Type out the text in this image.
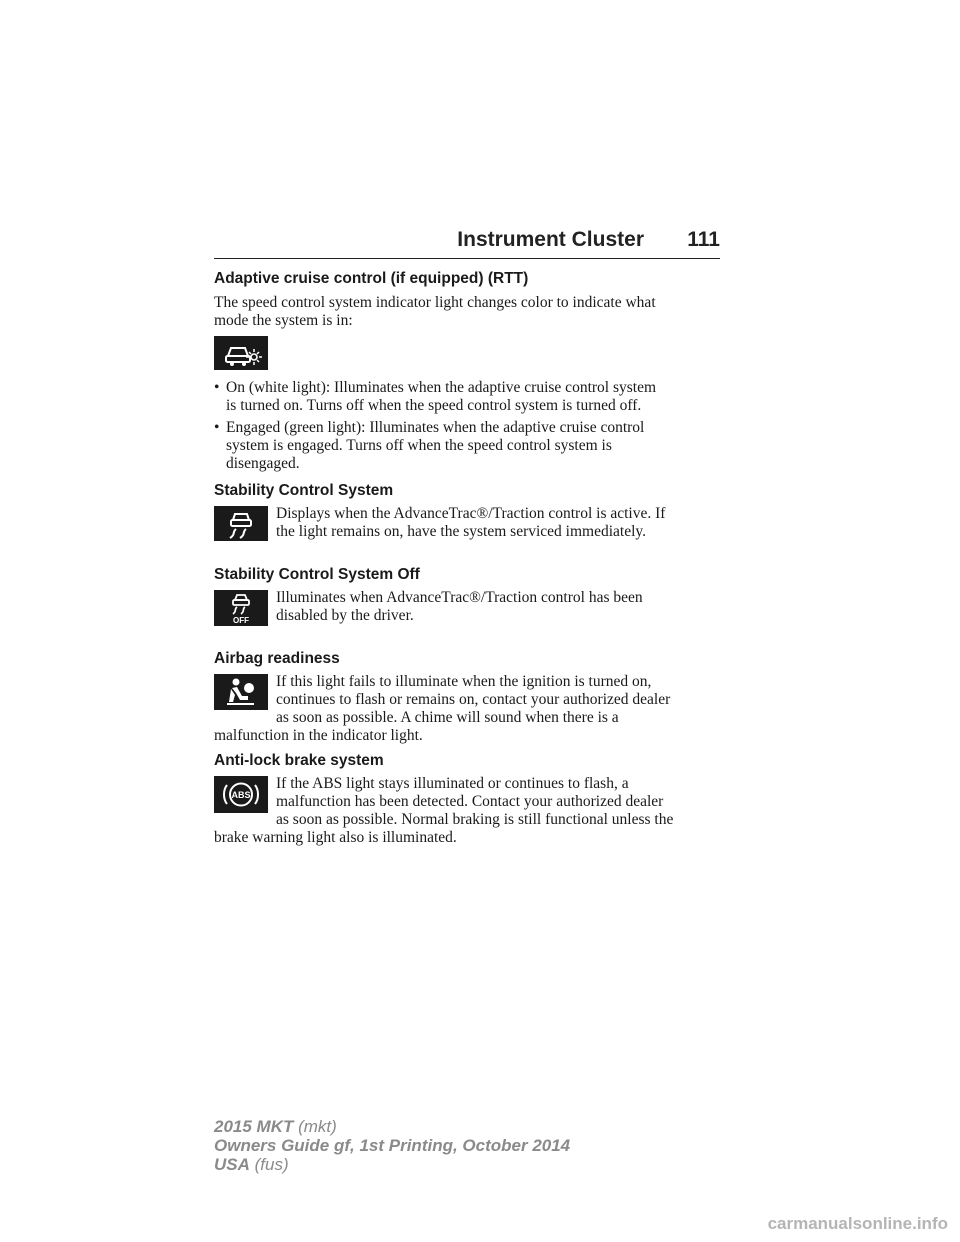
Instrument Cluster 111
Adaptive cruise control (if equipped) (RTT)
The speed control system indicator light changes color to indicate what
mode the system is in:
• On (white light): Illuminates when the adaptive cruise control system
is turned on. Turns off when the speed control system is turned off.
• Engaged (green light): Illuminates when the adaptive cruise control
system is engaged. Turns off when the speed control system is
disengaged.
Stability Control System
Displays when the AdvanceTrac®/Traction control is active. If
the light remains on, have the system serviced immediately.
Stability Control System Off
OFF
Illuminates when AdvanceTrac®/Traction control has been
disabled by the driver.
Airbag readiness
If this light fails to illuminate when the ignition is turned on,
continues to flash or remains on, contact your authorized dealer
as soon as possible. A chime will sound when there is a
malfunction in the indicator light.
Anti-lock brake system
ABS
If the ABS light stays illuminated or continues to flash, a
malfunction has been detected. Contact your authorized dealer
as soon as possible. Normal braking is still functional unless the
brake warning light also is illuminated.
2015 MKT (mkt)
Owners Guide gf, 1st Printing, October 2014
USA (fus)
carmanualsonline.info
